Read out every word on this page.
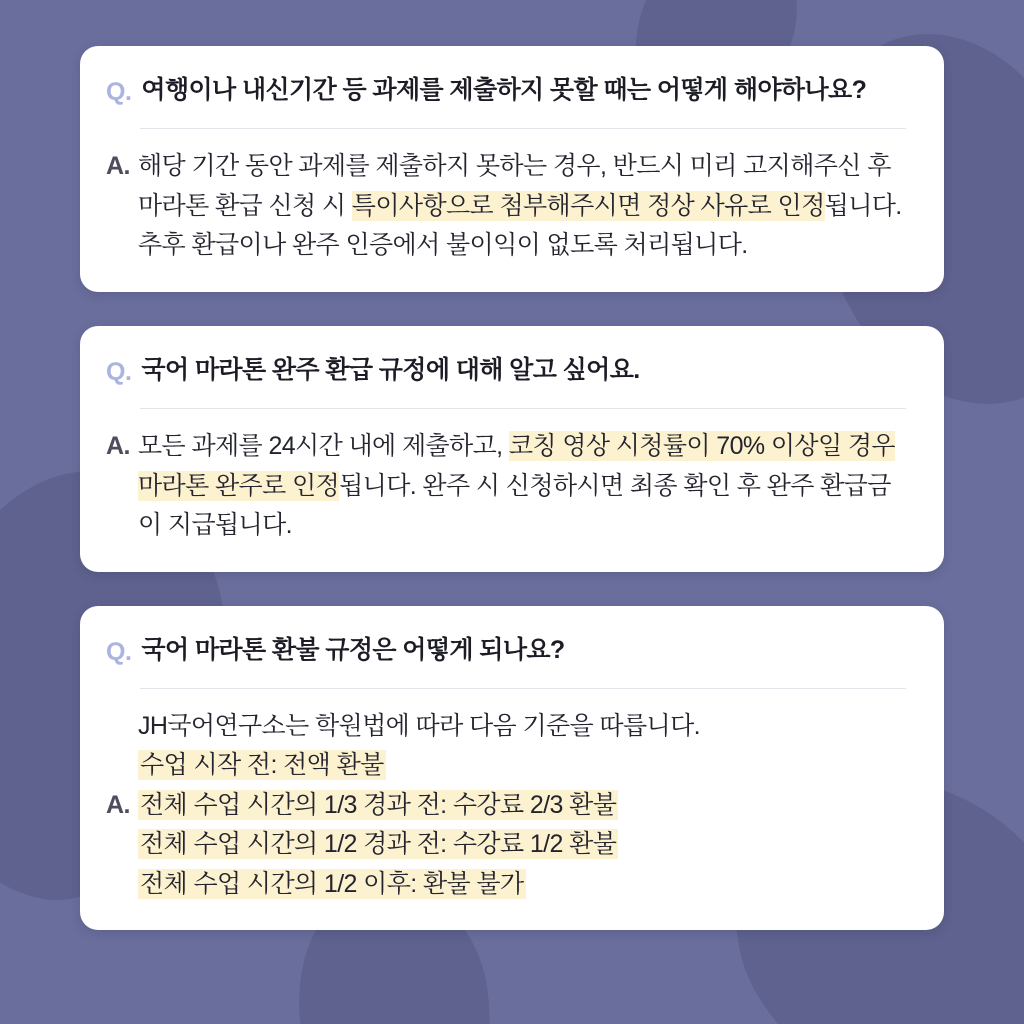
Q. 여행이나 내신기간 등 과제를 제출하지 못할 때는 어떻게 해야하나요?
A. 해당 기간 동안 과제를 제출하지 못하는 경우, 반드시 미리 고지해주신 후 마라톤 환급 신청 시 특이사항으로 첨부해주시면 정상 사유로 인정됩니다. 추후 환급이나 완주 인증에서 불이익이 없도록 처리됩니다.
Q. 국어 마라톤 완주 환급 규정에 대해 알고 싶어요.
A. 모든 과제를 24시간 내에 제출하고, 코칭 영상 시청률이 70% 이상일 경우 마라톤 완주로 인정됩니다. 완주 시 신청하시면 최종 확인 후 완주 환급금이 지급됩니다.
Q. 국어 마라톤 환불 규정은 어떻게 되나요?
A.
JH국어연구소는 학원법에 따라 다음 기준을 따릅니다.
수업 시작 전: 전액 환불
전체 수업 시간의 1/3 경과 전: 수강료 2/3 환불
전체 수업 시간의 1/2 경과 전: 수강료 1/2 환불
전체 수업 시간의 1/2 이후: 환불 불가
